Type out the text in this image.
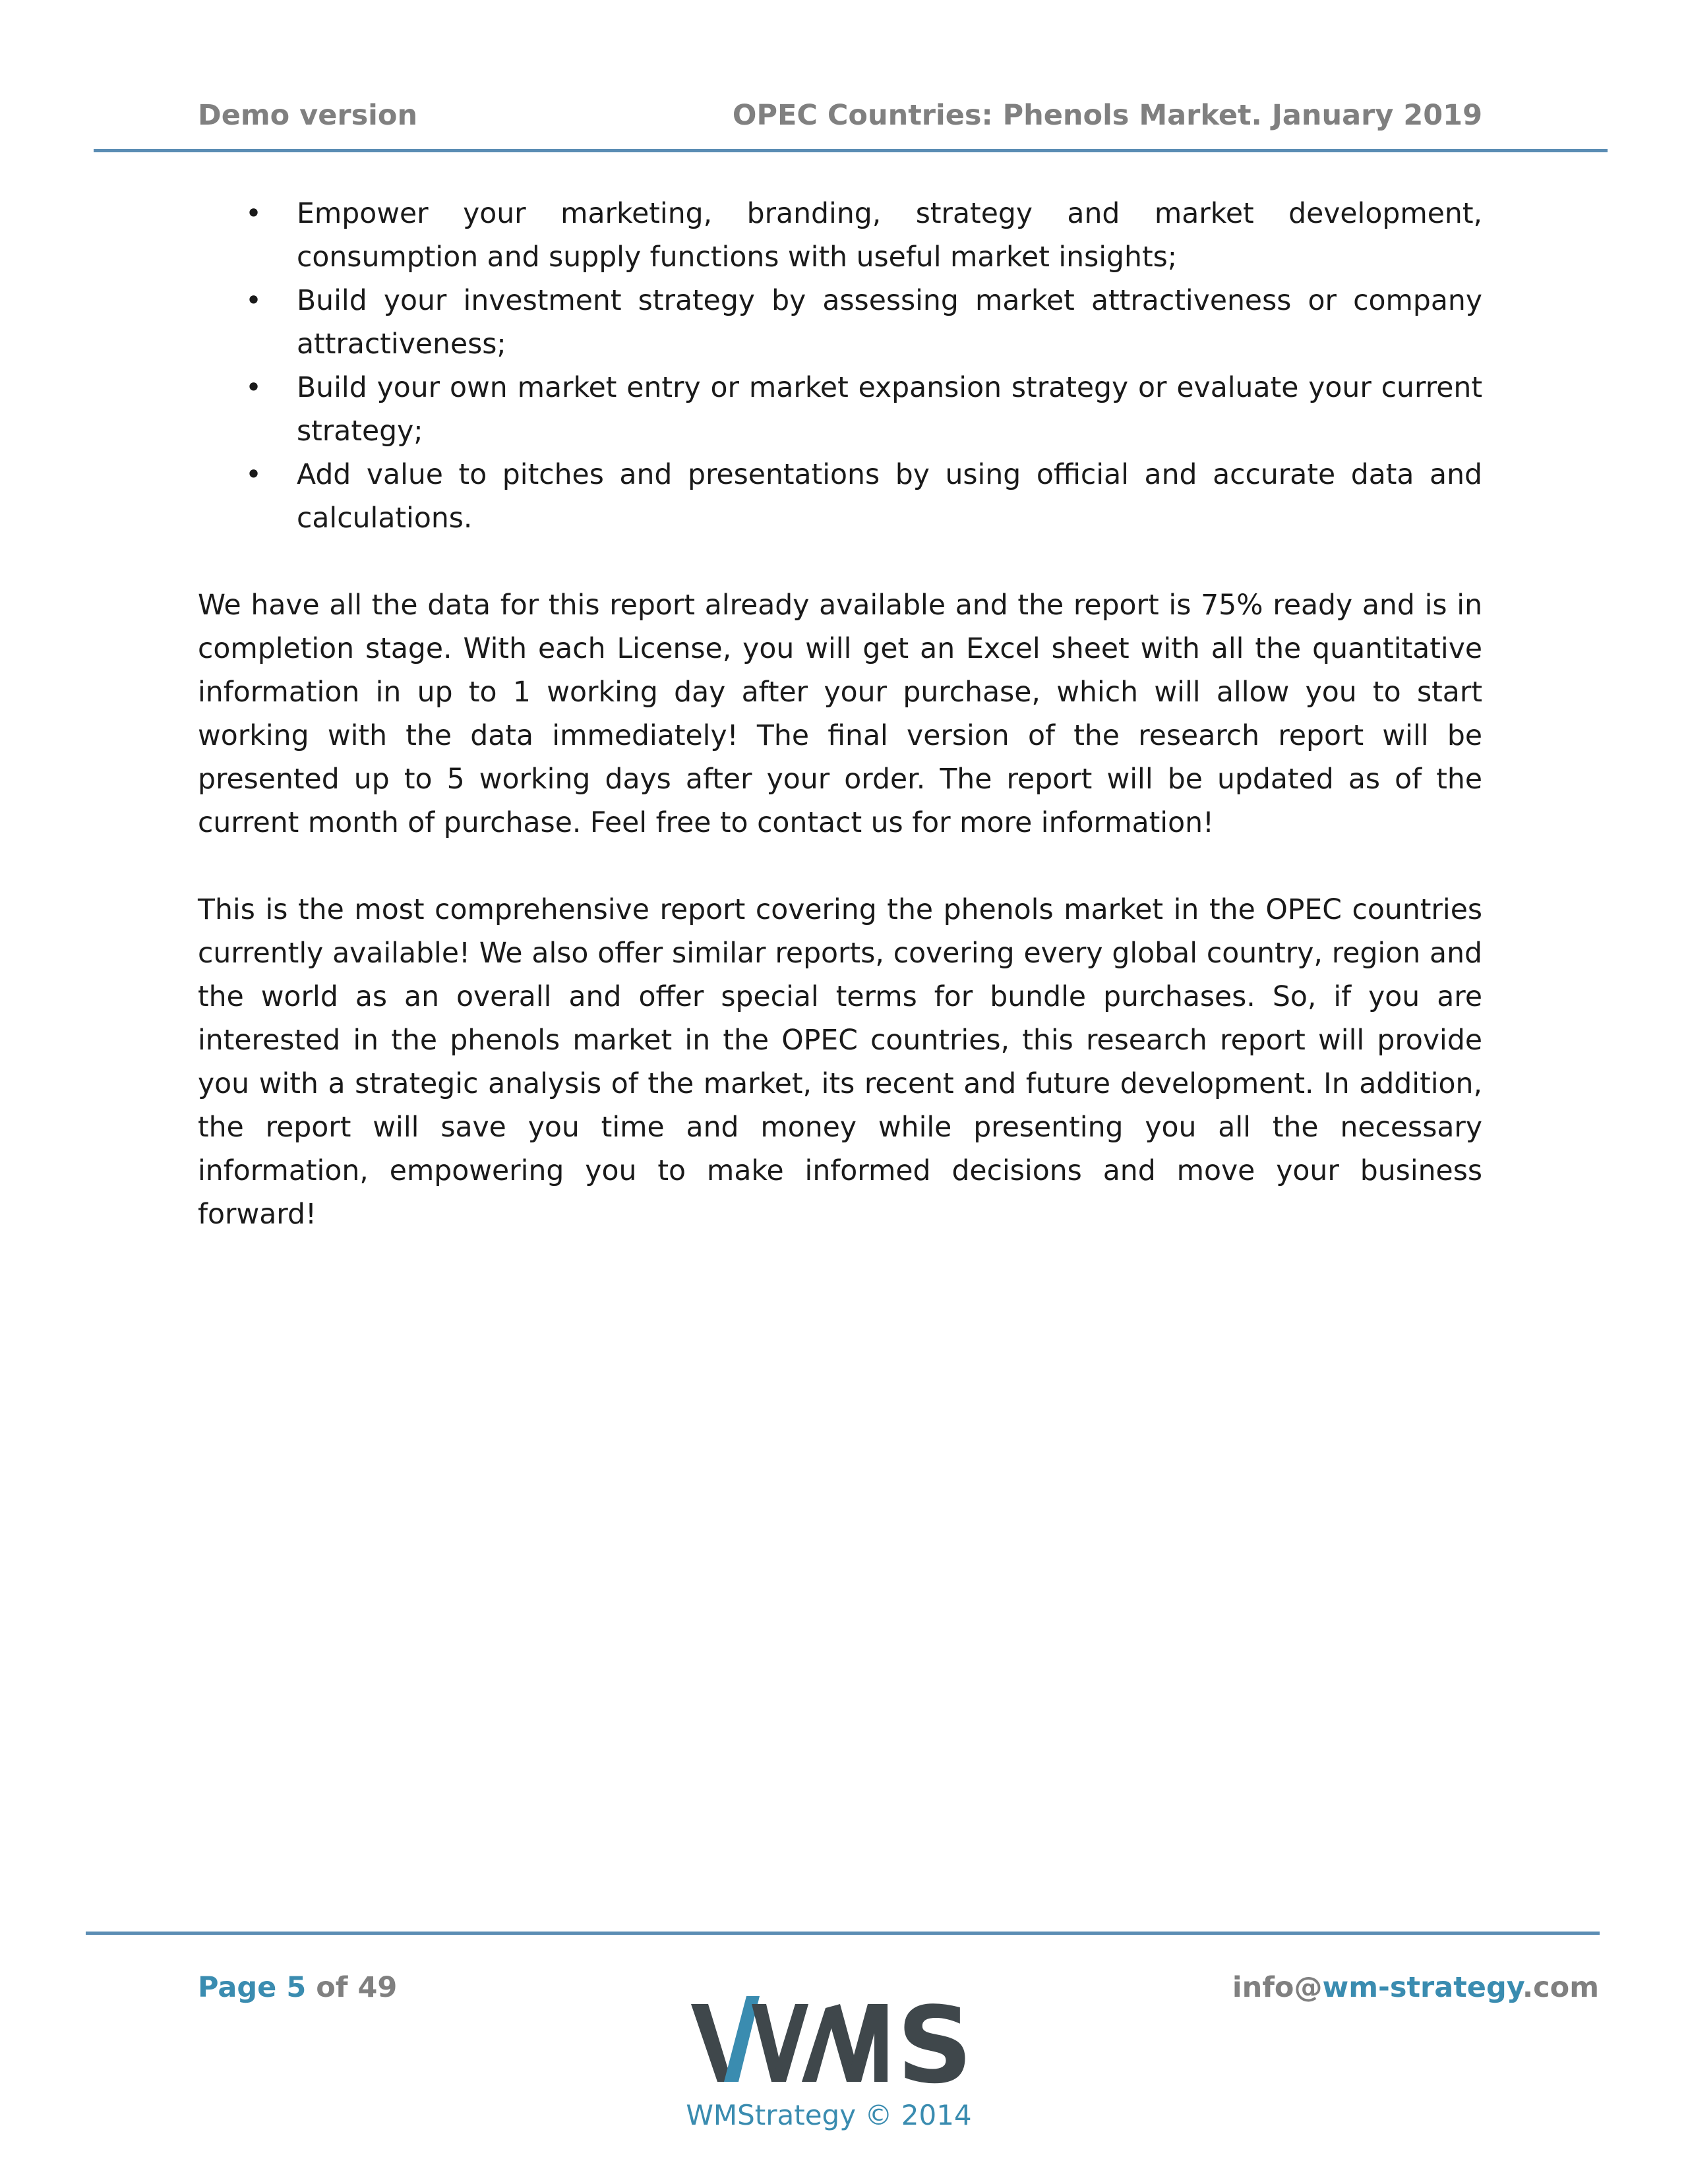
Demo version	OPEC Countries: Phenols Market. January 2019
• Empower your marketing, branding, strategy and market development, consumption and supply functions with useful market insights;
• Build your investment strategy by assessing market attractiveness or company attractiveness;
• Build your own market entry or market expansion strategy or evaluate your current strategy;
• Add value to pitches and presentations by using official and accurate data and calculations.

We have all the data for this report already available and the report is 75% ready and is in completion stage. With each License, you will get an Excel sheet with all the quantitative information in up to 1 working day after your purchase, which will allow you to start working with the data immediately! The final version of the research report will be presented up to 5 working days after your order. The report will be updated as of the current month of purchase. Feel free to contact us for more information!

This is the most comprehensive report covering the phenols market in the OPEC countries currently available! We also offer similar reports, covering every global country, region and the world as an overall and offer special terms for bundle purchases. So, if you are interested in the phenols market in the OPEC countries, this research report will provide you with a strategic analysis of the market, its recent and future development. In addition, the report will save you time and money while presenting you all the necessary information, empowering you to make informed decisions and move your business forward!

Page 5 of 49	info@wm-strategy.com
S
WMStrategy © 2014
